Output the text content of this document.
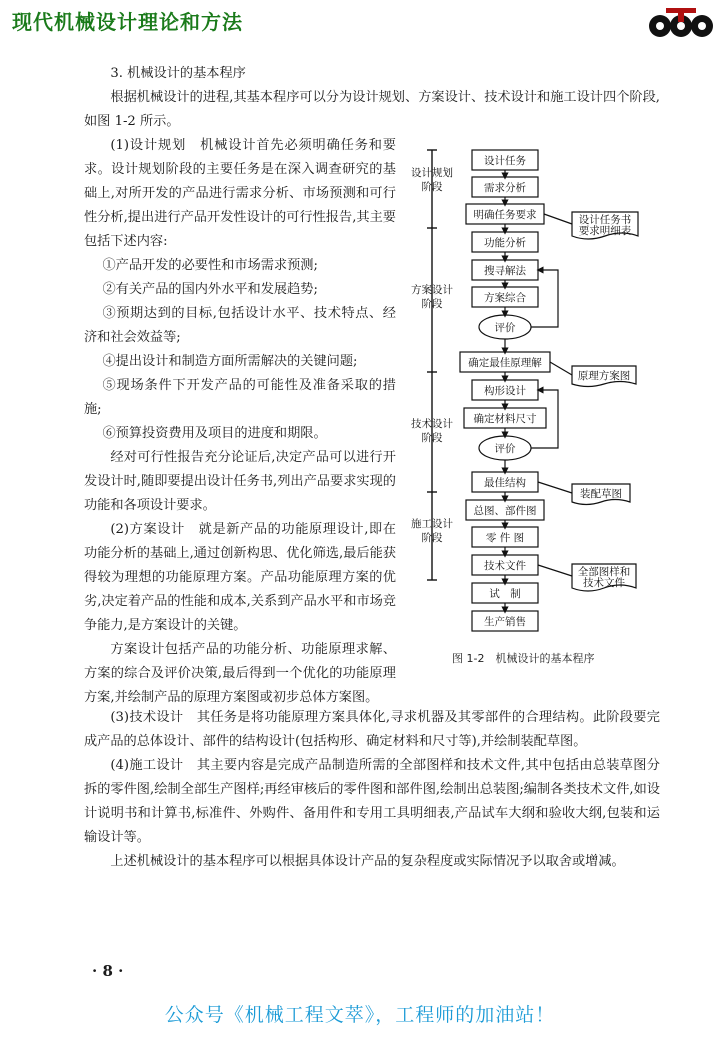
现代机械设计理论和方法

3. 机械设计的基本程序

根据机械设计的进程,其基本程序可以分为设计规划、方案设计、技术设计和施工设计四个阶段,如图 1-2 所示。

(1)设计规划　机械设计首先必须明确任务和要求。设计规划阶段的主要任务是在深入调查研究的基础上,对所开发的产品进行需求分析、市场预测和可行性分析,提出进行产品开发性设计的可行性报告,其主要包括下述内容:

①产品开发的必要性和市场需求预测;

②有关产品的国内外水平和发展趋势;

③预期达到的目标,包括设计水平、技术特点、经济和社会效益等;

④提出设计和制造方面所需解决的关键问题;

⑤现场条件下开发产品的可能性及准备采取的措施;

⑥预算投资费用及项目的进度和期限。

经对可行性报告充分论证后,决定产品可以进行开发设计时,随即要提出设计任务书,列出产品要求实现的功能和各项设计要求。

(2)方案设计　就是新产品的功能原理设计,即在功能分析的基础上,通过创新构思、优化筛选,最后能获得较为理想的功能原理方案。产品功能原理方案的优劣,决定着产品的性能和成本,关系到产品水平和市场竞争能力,是方案设计的关键。

方案设计包括产品的功能分析、功能原理求解、方案的综合及评价决策,最后得到一个优化的功能原理方案,并绘制产品的原理方案图或初步总体方案图。

(3)技术设计　其任务是将功能原理方案具体化,寻求机器及其零部件的合理结构。此阶段要完成产品的总体设计、部件的结构设计(包括构形、确定材料和尺寸等),并绘制装配草图。

(4)施工设计　其主要内容是完成产品制造所需的全部图样和技术文件,其中包括由总装草图分拆的零件图,绘制全部生产图样;再经审核后的零件图和部件图,绘制出总装图;编制各类技术文件,如设计说明书和计算书,标准件、外购件、备用件和专用工具明细表,产品试车大纲和验收大纲,包装和运输设计等。

上述机械设计的基本程序可以根据具体设计产品的复杂程度或实际情况予以取舍或增减。

设计规划
阶段
方案设计
阶段
技术设计
阶段
施工设计
阶段
设计任务
需求分析
明确任务要求
功能分析
搜寻解法
方案综合
评价
确定最佳原理解
构形设计
确定材料尺寸
评价
最佳结构
总图、部件图
零 件 图
技术文件
试　制
生产销售
设计任务书
要求明细表
原理方案图
装配草图
全部图样和
技术文件
图 1-2　机械设计的基本程序
· 8 ·
公众号《机械工程文萃》，工程师的加油站！
